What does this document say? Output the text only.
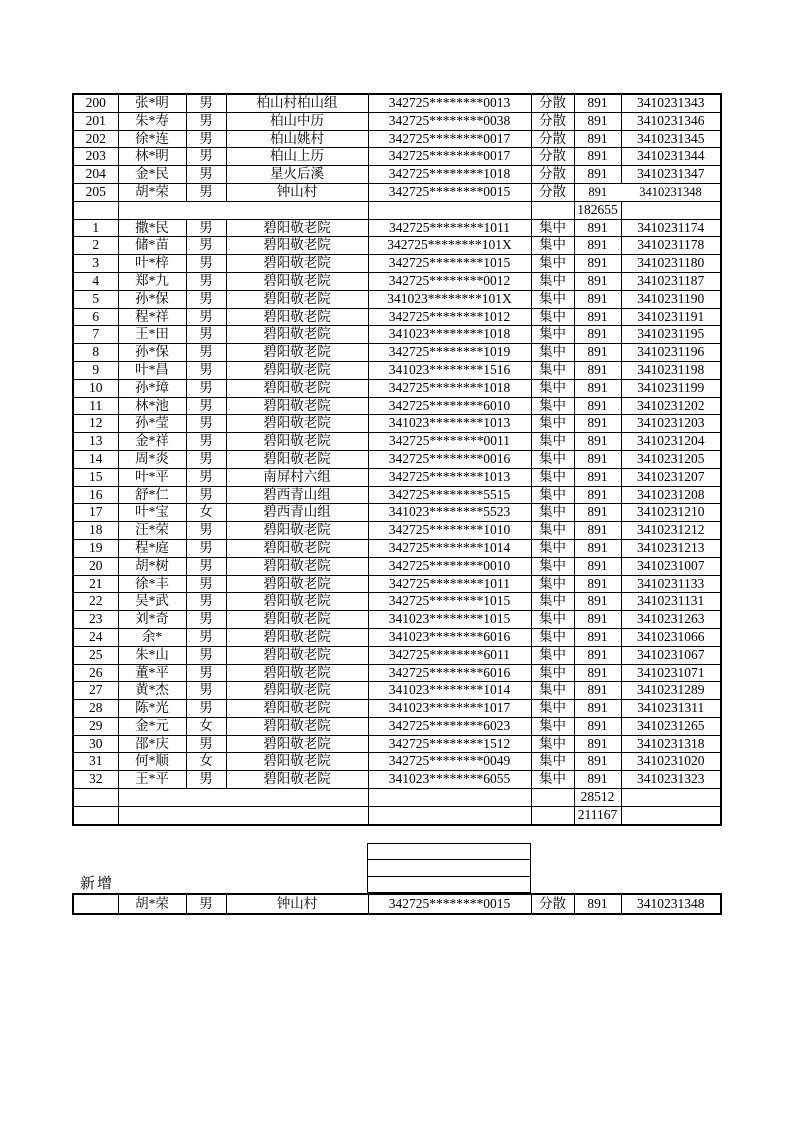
200	张*明	男	柏山村柏山组	342725********0013	分散	891	3410231343
201	朱*寿	男	柏山中历	342725********0038	分散	891	3410231346
202	徐*连	男	柏山姚村	342725********0017	分散	891	3410231345
203	林*明	男	柏山上历	342725********0017	分散	891	3410231344
204	金*民	男	星火后溪	342725********1018	分散	891	3410231347
205	胡*荣	男	钟山村	342725********0015	分散	891	3410231348
						182655	
1	撒*民	男	碧阳敬老院	342725********1011	集中	891	3410231174
2	储*苗	男	碧阳敬老院	342725********101X	集中	891	3410231178
3	叶*梓	男	碧阳敬老院	342725********1015	集中	891	3410231180
4	郑*九	男	碧阳敬老院	342725********0012	集中	891	3410231187
5	孙*保	男	碧阳敬老院	341023********101X	集中	891	3410231190
6	程*祥	男	碧阳敬老院	342725********1012	集中	891	3410231191
7	王*田	男	碧阳敬老院	341023********1018	集中	891	3410231195
8	孙*保	男	碧阳敬老院	342725********1019	集中	891	3410231196
9	叶*昌	男	碧阳敬老院	341023********1516	集中	891	3410231198
10	孙*璋	男	碧阳敬老院	342725********1018	集中	891	3410231199
11	林*池	男	碧阳敬老院	342725********6010	集中	891	3410231202
12	孙*莹	男	碧阳敬老院	341023********1013	集中	891	3410231203
13	金*祥	男	碧阳敬老院	342725********0011	集中	891	3410231204
14	周*炎	男	碧阳敬老院	342725********0016	集中	891	3410231205
15	叶*平	男	南屏村六组	342725********1013	集中	891	3410231207
16	舒*仁	男	碧西青山组	342725********5515	集中	891	3410231208
17	叶*宝	女	碧西青山组	341023********5523	集中	891	3410231210
18	汪*荣	男	碧阳敬老院	342725********1010	集中	891	3410231212
19	程*庭	男	碧阳敬老院	342725********1014	集中	891	3410231213
20	胡*树	男	碧阳敬老院	342725********0010	集中	891	3410231007
21	徐*丰	男	碧阳敬老院	342725********1011	集中	891	3410231133
22	吴*武	男	碧阳敬老院	342725********1015	集中	891	3410231131
23	刘*奇	男	碧阳敬老院	341023********1015	集中	891	3410231263
24	余*	男	碧阳敬老院	341023********6016	集中	891	3410231066
25	朱*山	男	碧阳敬老院	342725********6011	集中	891	3410231067
26	董*平	男	碧阳敬老院	342725********6016	集中	891	3410231071
27	黄*杰	男	碧阳敬老院	341023********1014	集中	891	3410231289
28	陈*光	男	碧阳敬老院	341023********1017	集中	891	3410231311
29	金*元	女	碧阳敬老院	342725********6023	集中	891	3410231265
30	邵*庆	男	碧阳敬老院	342725********1512	集中	891	3410231318
31	何*顺	女	碧阳敬老院	342725********0049	集中	891	3410231020
32	王*平	男	碧阳敬老院	341023********6055	集中	891	3410231323
						28512	
						211167	
新增
	胡*荣	男	钟山村	342725********0015	分散	891	3410231348
